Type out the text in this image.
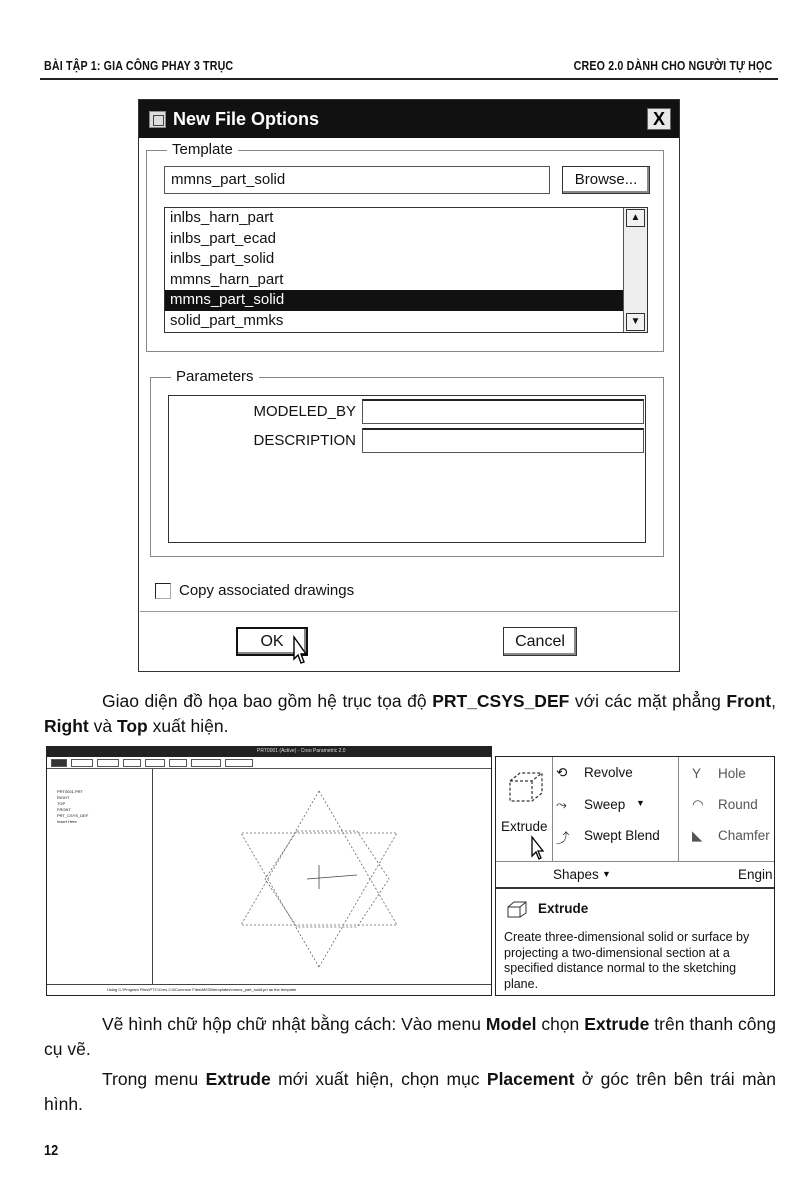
BÀI TẬP 1: GIA CÔNG PHAY 3 TRỤC	CREO 2.0 DÀNH CHO NGƯỜI TỰ HỌC
New File Options	X
Template
mmns_part_solid	Browse...
inlbs_harn_part
inlbs_part_ecad
inlbs_part_solid
mmns_harn_part
mmns_part_solid
solid_part_mmks
▲
▼
Parameters
MODELED_BY
DESCRIPTION
Copy associated drawings
OK	Cancel
Giao diện đồ họa bao gồm hệ trục tọa độ PRT_CSYS_DEF với các mặt phẳng Front, Right và Top xuất hiện.
PRT0001 (Active) - Creo Parametric 2.0
PRT0001.PRT
RIGHT
TOP
FRONT
PRT_CSYS_DEF
Insert Here
Using C:\Program Files\PTC\Creo 2.0\Common Files\M030\templates\mmns_part_solid.prt as the template
Extrude
⟲ Revolve
⤳ Sweep ▼
⤴ Swept Blend
Y Hole
◠ Round
◣ Chamfer
Shapes ▼	Engin
Extrude
Create three-dimensional solid or surface by projecting a two-dimensional section at a specified distance normal to the sketching plane.
Vẽ hình chữ hộp chữ nhật bằng cách: Vào menu Model chọn Extrude trên thanh công cụ vẽ.
Trong menu Extrude mới xuất hiện, chọn mục Placement ở góc trên bên trái màn hình.
12
